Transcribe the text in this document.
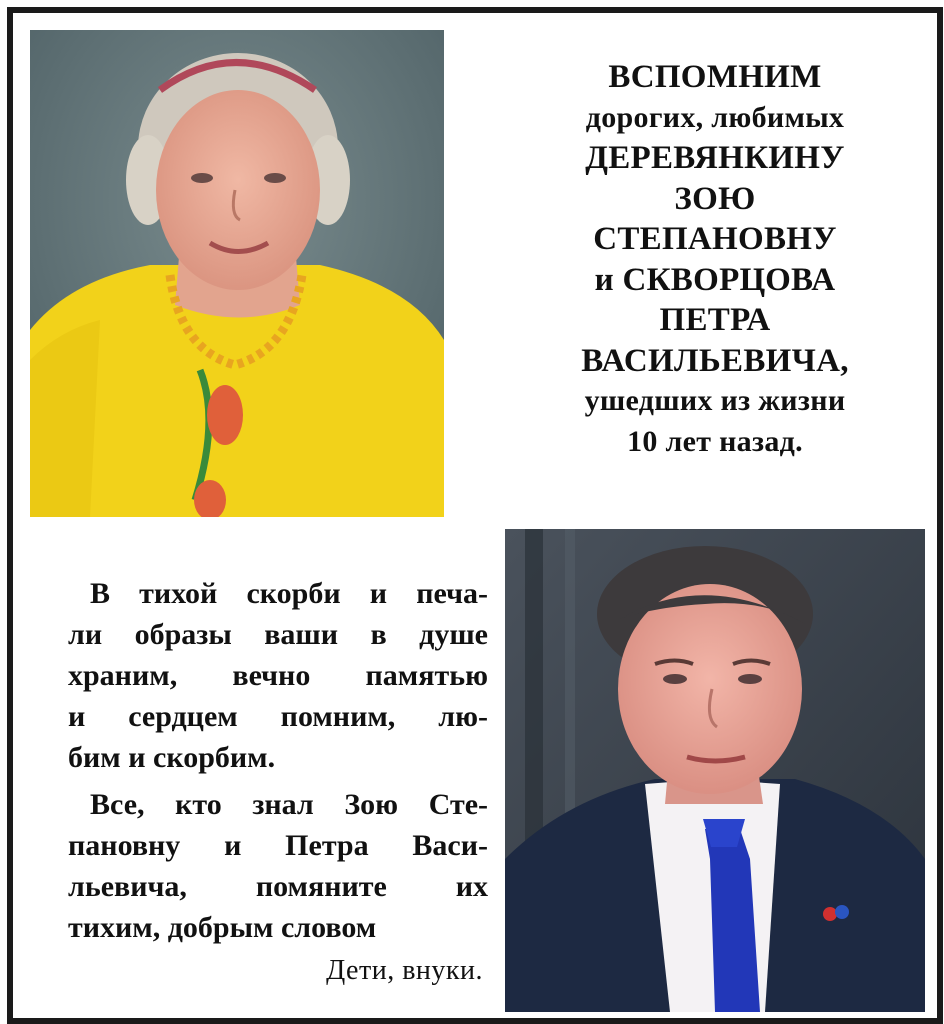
ВСПОМНИМ
дорогих, любимых
ДЕРЕВЯНКИНУ
ЗОЮ
СТЕПАНОВНУ
и СКВОРЦОВА
ПЕТРА
ВАСИЛЬЕВИЧА,
ушедших из жизни
10 лет назад.

В тихой скорби и печа-
ли образы ваши в душе
храним, вечно памятью
и сердцем помним, лю-
бим и скорбим.

Все, кто знал Зою Сте-
пановну и Петра Васи-
льевича, помяните их
тихим, добрым словом

Дети, внуки.
